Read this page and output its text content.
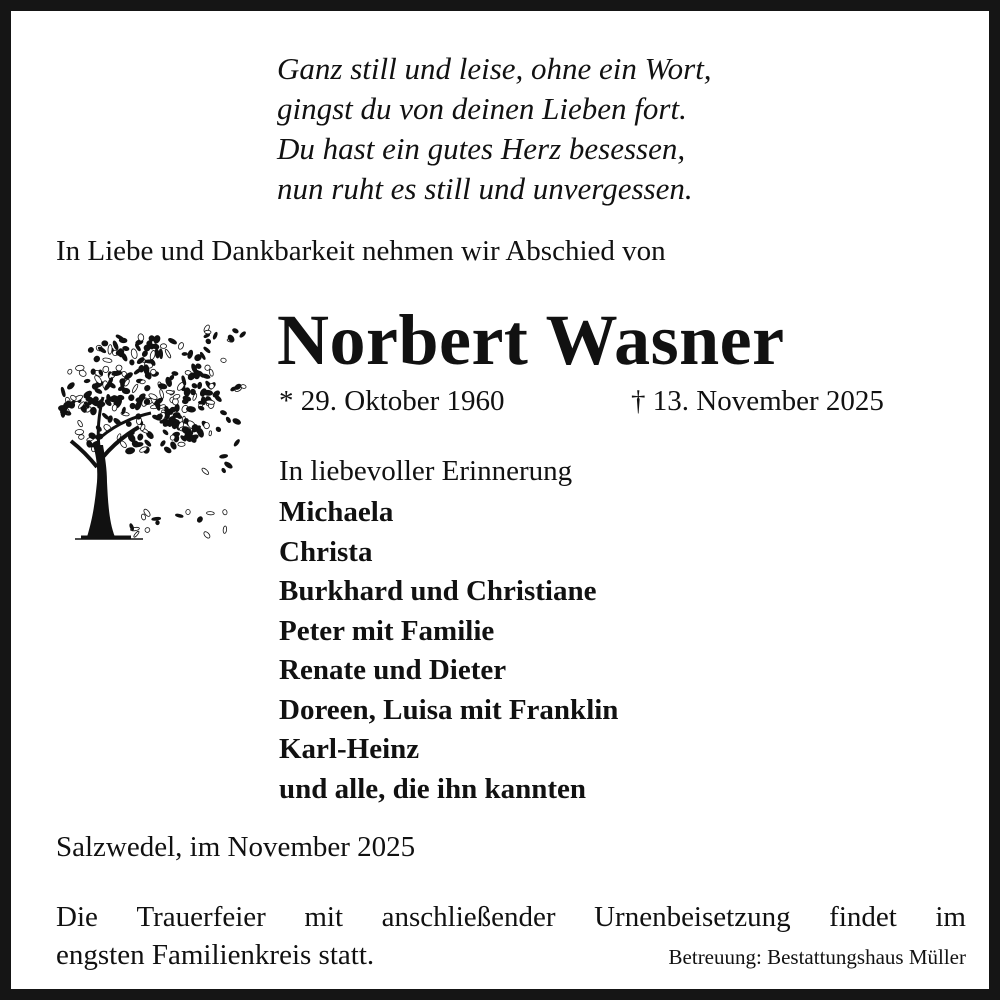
Ganz still und leise, ohne ein Wort,
gingst du von deinen Lieben fort.
Du hast ein gutes Herz besessen,
nun ruht es still und unvergessen.
In Liebe und Dankbarkeit nehmen wir Abschied von
Norbert Wasner
* 29. Oktober 1960	† 13. November 2025
In liebevoller Erinnerung
Michaela
Christa
Burkhard und Christiane
Peter mit Familie
Renate und Dieter
Doreen, Luisa mit Franklin
Karl-Heinz
und alle, die ihn kannten
Salzwedel, im November 2025
Die Trauerfeier mit anschließender Urnenbeisetzung findet im
engsten Familienkreis statt.	Betreuung: Bestattungshaus Müller
